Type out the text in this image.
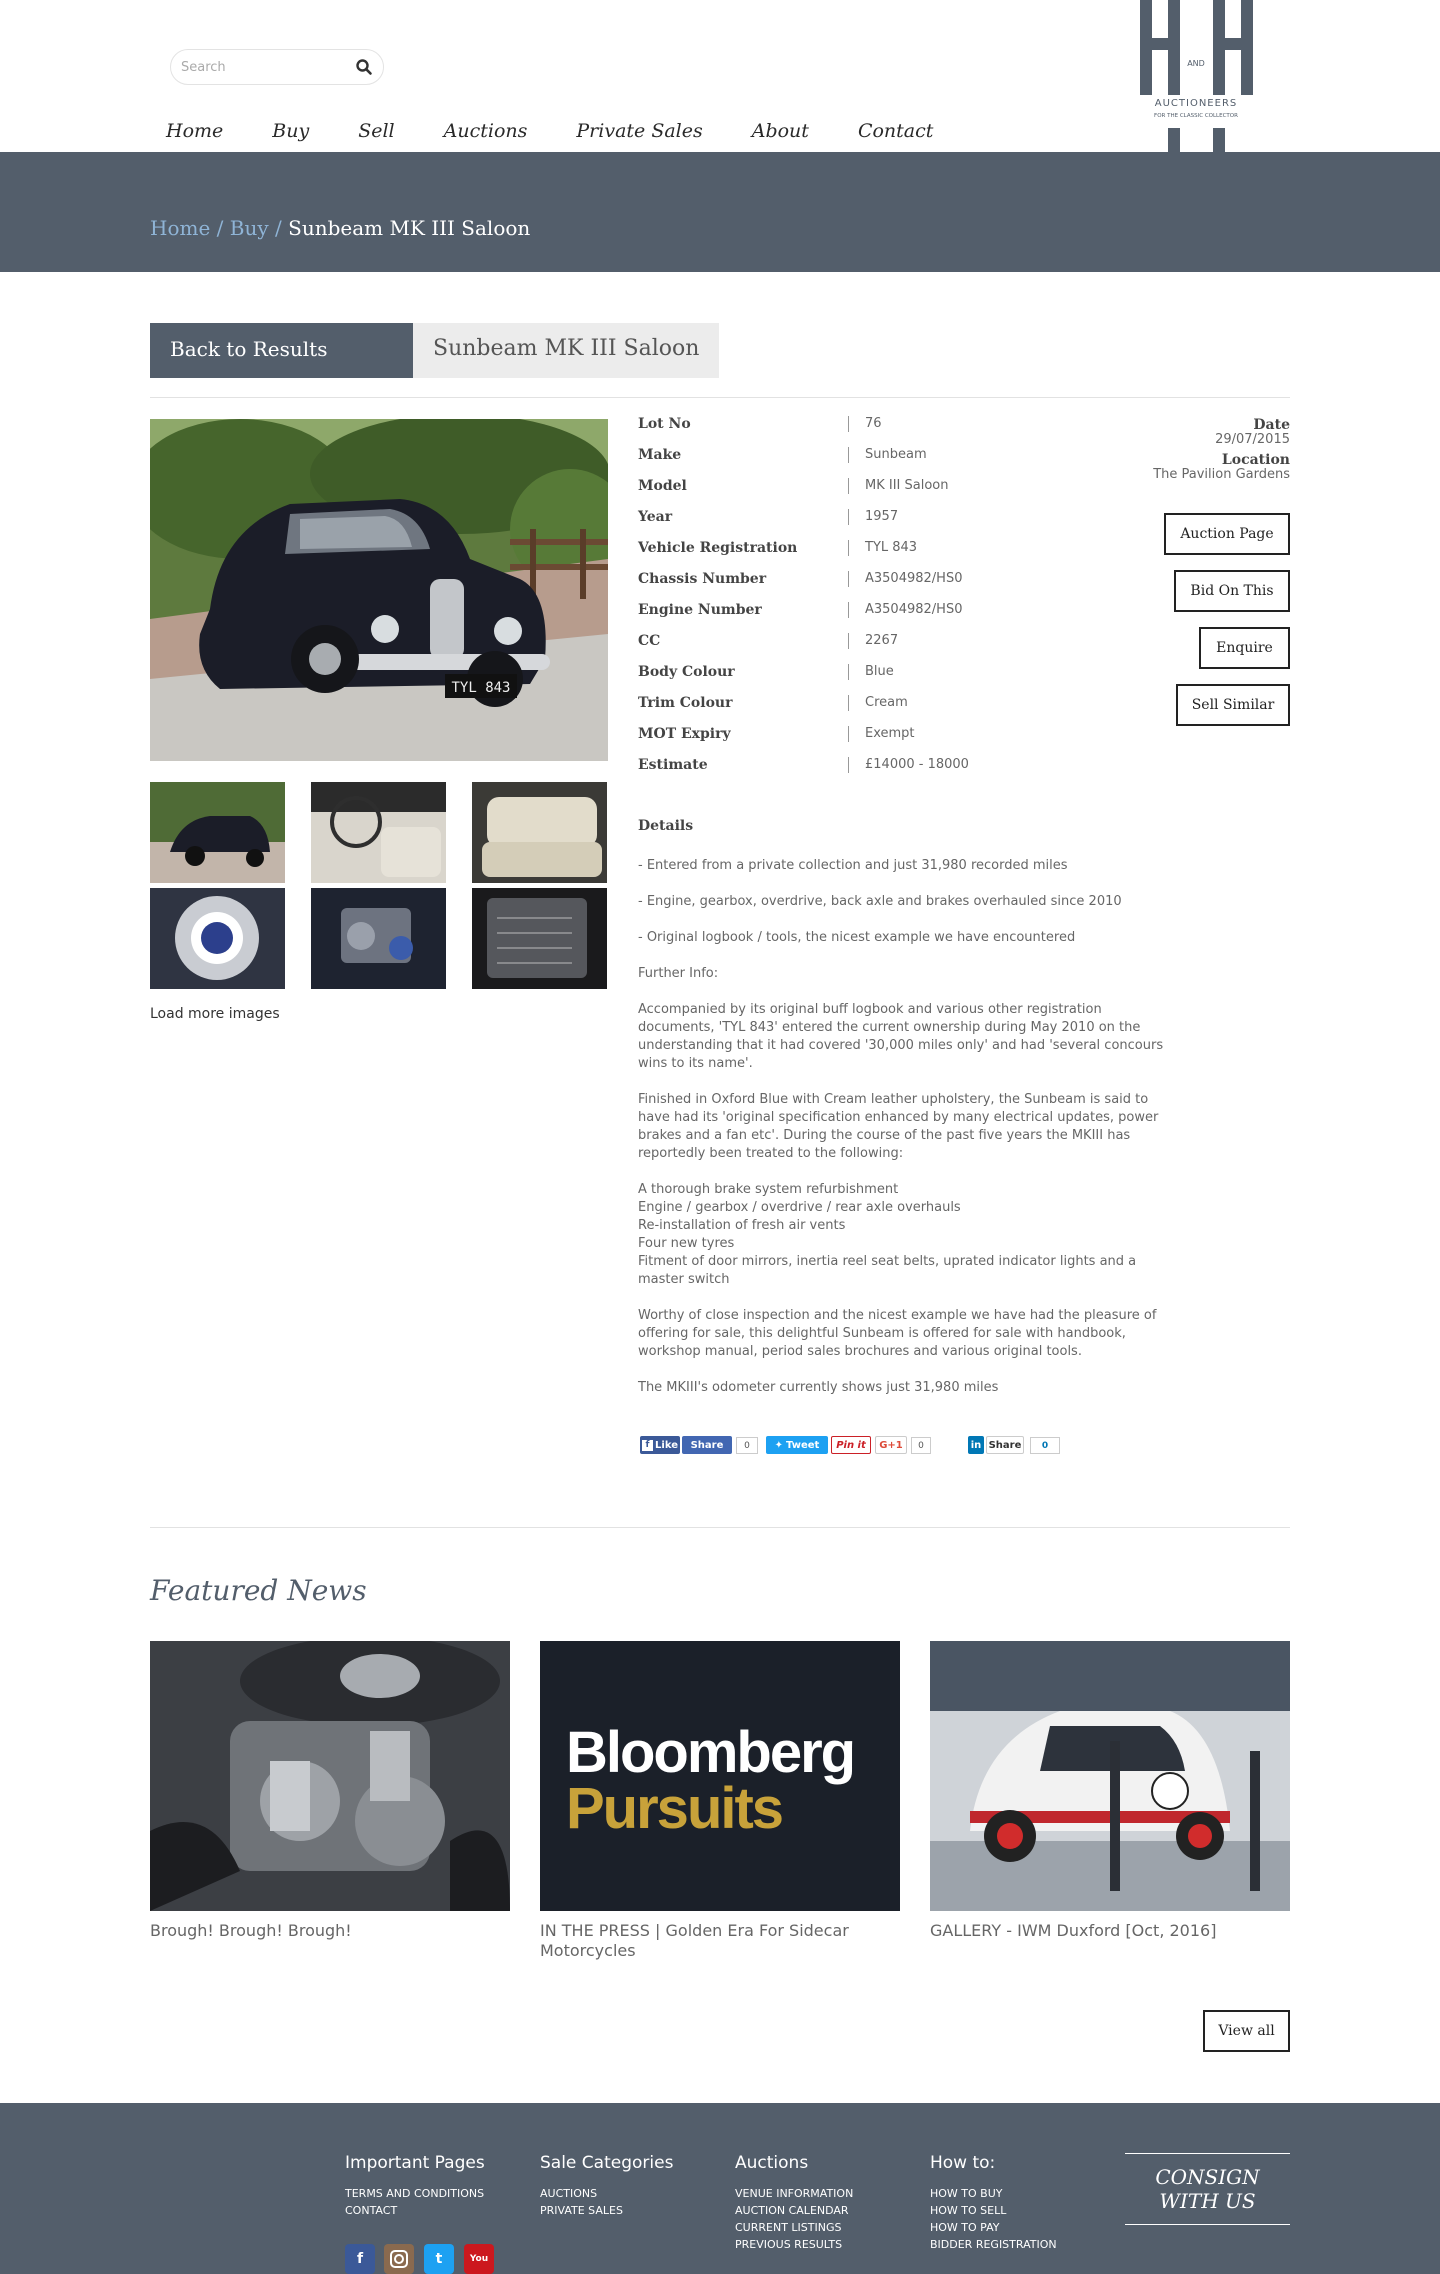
Search
Home	Buy	Sell	Auctions	Private Sales	About	Contact
AND
AUCTIONEERS
FOR THE CLASSIC COLLECTOR
Home / Buy / Sunbeam MK III Saloon
Back to Results	Sunbeam MK III Saloon
TYL 843
Load more images
Lot No	76
Make	Sunbeam
Model	MK III Saloon
Year	1957
Vehicle Registration	TYL 843
Chassis Number	A3504982/HS0
Engine Number	A3504982/HS0
CC	2267
Body Colour	Blue
Trim Colour	Cream
MOT Expiry	Exempt
Estimate	£14000 - 18000
Date
29/07/2015
Location
The Pavilion Gardens
Auction Page
Bid On This
Enquire
Sell Similar
Details

- Entered from a private collection and just 31,980 recorded miles

- Engine, gearbox, overdrive, back axle and brakes overhauled since 2010

- Original logbook / tools, the nicest example we have encountered

Further Info:

Accompanied by its original buff logbook and various other registration documents, 'TYL 843' entered the current ownership during May 2010 on the understanding that it had covered '30,000 miles only' and had 'several concours wins to its name'.

Finished in Oxford Blue with Cream leather upholstery, the Sunbeam is said to have had its 'original specification enhanced by many electrical updates, power brakes and a fan etc'. During the course of the past five years the MKIII has reportedly been treated to the following:

A thorough brake system refurbishment

Engine / gearbox / overdrive / rear axle overhauls

Re-installation of fresh air vents

Four new tyres

Fitment of door mirrors, inertia reel seat belts, uprated indicator lights and a master switch

Worthy of close inspection and the nicest example we have had the pleasure of offering for sale, this delightful Sunbeam is offered for sale with handbook, workshop manual, period sales brochures and various original tools.

The MKIII's odometer currently shows just 31,980 miles

f Like	Share	0	✦ Tweet	Pin it	G+1	0	in Share	0
Featured News
Brough! Brough! Brough!
Bloomberg
Pursuits
IN THE PRESS | Golden Era For Sidecar Motorcycles
GALLERY - IWM Duxford [Oct, 2016]
View all
Important Pages
TERMS AND CONDITIONS
CONTACT
Sale Categories
AUCTIONS
PRIVATE SALES
Auctions
VENUE INFORMATION
AUCTION CALENDAR
CURRENT LISTINGS
PREVIOUS RESULTS
How to:
HOW TO BUY
HOW TO SELL
HOW TO PAY
BIDDER REGISTRATION
CONSIGN
WITH US
f	t	You
